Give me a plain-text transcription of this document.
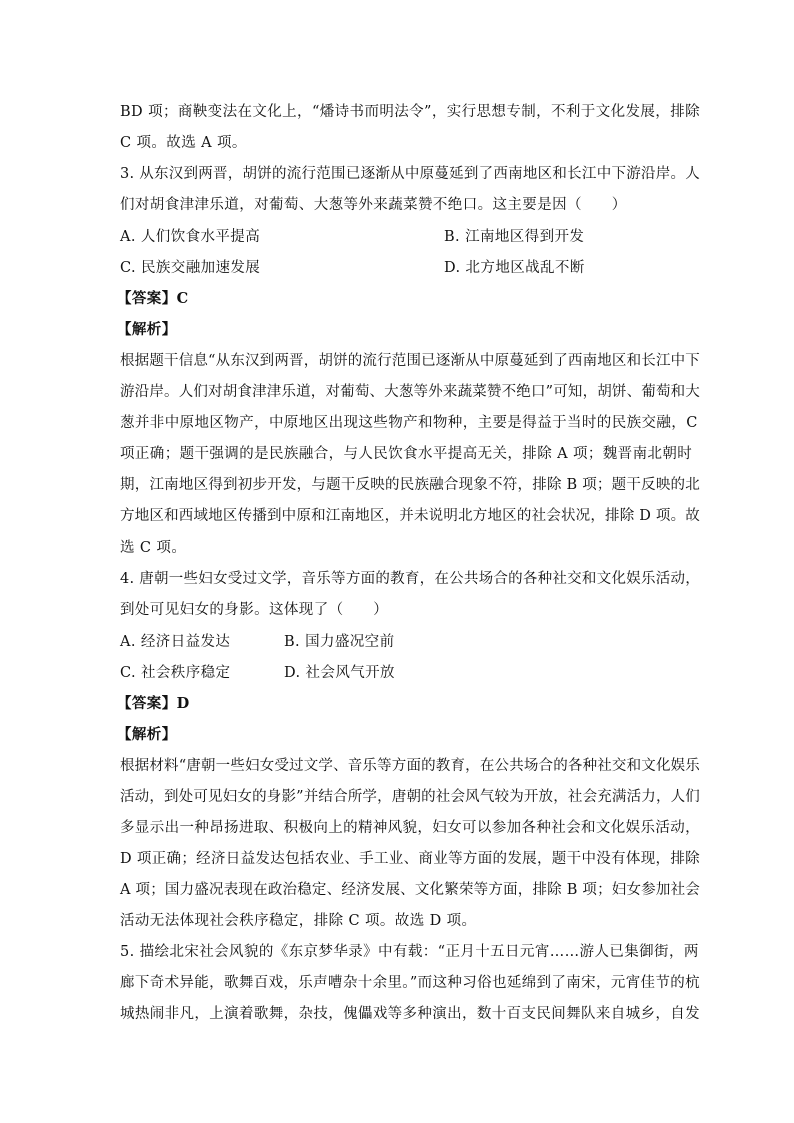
BD 项；商鞅变法在文化上，“燔诗书而明法令”，实行思想专制，不利于文化发展，排除
C 项。故选 A 项。
3. 从东汉到两晋，胡饼的流行范围已逐渐从中原蔓延到了西南地区和长江中下游沿岸。人
们对胡食津津乐道，对葡萄、大葱等外来蔬菜赞不绝口。这主要是因（　　）
A. 人们饮食水平提高	B. 江南地区得到开发
C. 民族交融加速发展	D. 北方地区战乱不断
【答案】C
【解析】
根据题干信息“从东汉到两晋，胡饼的流行范围已逐渐从中原蔓延到了西南地区和长江中下
游沿岸。人们对胡食津津乐道，对葡萄、大葱等外来蔬菜赞不绝口”可知，胡饼、葡萄和大
葱并非中原地区物产，中原地区出现这些物产和物种，主要是得益于当时的民族交融，C
项正确；题干强调的是民族融合，与人民饮食水平提高无关，排除 A 项；魏晋南北朝时
期，江南地区得到初步开发，与题干反映的民族融合现象不符，排除 B 项；题干反映的北
方地区和西域地区传播到中原和江南地区，并未说明北方地区的社会状况，排除 D 项。故
选 C 项。
4. 唐朝一些妇女受过文学，音乐等方面的教育，在公共场合的各种社交和文化娱乐活动，
到处可见妇女的身影。这体现了（　　）
A. 经济日益发达	B. 国力盛况空前
C. 社会秩序稳定	D. 社会风气开放
【答案】D
【解析】
根据材料“唐朝一些妇女受过文学、音乐等方面的教育，在公共场合的各种社交和文化娱乐
活动，到处可见妇女的身影”并结合所学，唐朝的社会风气较为开放，社会充满活力，人们
多显示出一种昂扬进取、积极向上的精神风貌，妇女可以参加各种社会和文化娱乐活动，
D 项正确；经济日益发达包括农业、手工业、商业等方面的发展，题干中没有体现，排除
A 项；国力盛况表现在政治稳定、经济发展、文化繁荣等方面，排除 B 项；妇女参加社会
活动无法体现社会秩序稳定，排除 C 项。故选 D 项。
5. 描绘北宋社会风貌的《东京梦华录》中有载：“正月十五日元宵……游人已集御街，两
廊下奇术异能，歌舞百戏，乐声嘈杂十余里。”而这种习俗也延绵到了南宋，元宵佳节的杭
城热闹非凡，上演着歌舞，杂技，傀儡戏等多种演出，数十百支民间舞队来自城乡，自发
